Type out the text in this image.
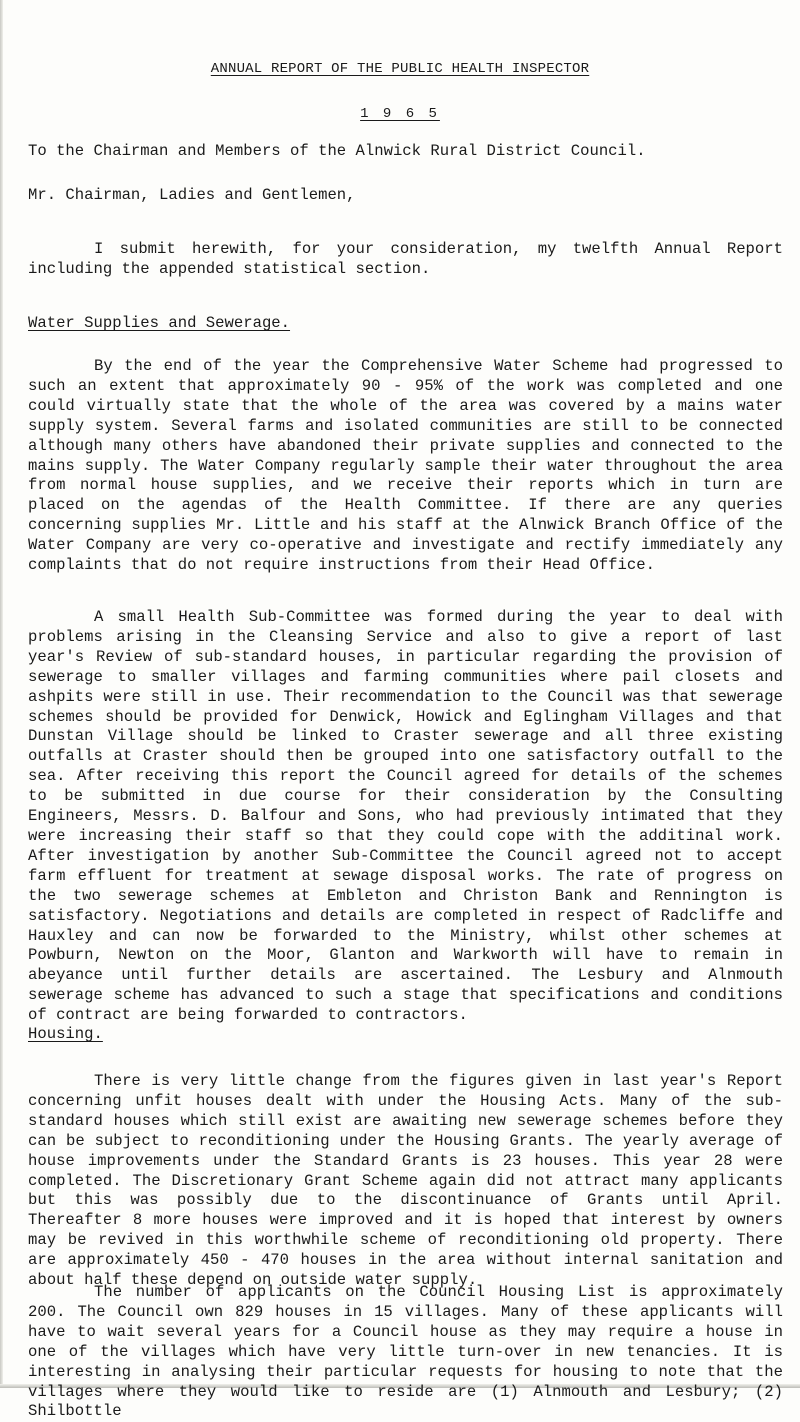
ANNUAL REPORT OF THE PUBLIC HEALTH INSPECTOR
1 9 6 5
To the Chairman and Members of the Alnwick Rural District Council.
Mr. Chairman, Ladies and Gentlemen,

I submit herewith, for your consideration, my twelfth Annual Report including the appended statistical section.

Water Supplies and Sewerage.

By the end of the year the Comprehensive Water Scheme had progressed to such an extent that approximately 90 - 95% of the work was completed and one could virtually state that the whole of the area was covered by a mains water supply system. Several farms and isolated communities are still to be connected although many others have abandoned their private supplies and connected to the mains supply. The Water Company regularly sample their water throughout the area from normal house supplies, and we receive their reports which in turn are placed on the agendas of the Health Committee. If there are any queries concerning supplies Mr. Little and his staff at the Alnwick Branch Office of the Water Company are very co-operative and investigate and rectify immediately any complaints that do not require instructions from their Head Office.

A small Health Sub-Committee was formed during the year to deal with problems arising in the Cleansing Service and also to give a report of last year's Review of sub-standard houses, in particular regarding the provision of sewerage to smaller villages and farming communities where pail closets and ashpits were still in use. Their recommendation to the Council was that sewerage schemes should be provided for Denwick, Howick and Eglingham Villages and that Dunstan Village should be linked to Craster sewerage and all three existing outfalls at Craster should then be grouped into one satisfactory outfall to the sea. After receiving this report the Council agreed for details of the schemes to be submitted in due course for their consideration by the Consulting Engineers, Messrs. D. Balfour and Sons, who had previously intimated that they were increasing their staff so that they could cope with the additinal work. After investigation by another Sub-Committee the Council agreed not to accept farm effluent for treatment at sewage disposal works. The rate of progress on the two sewerage schemes at Embleton and Christon Bank and Rennington is satisfactory. Negotiations and details are completed in respect of Radcliffe and Hauxley and can now be forwarded to the Ministry, whilst other schemes at Powburn, Newton on the Moor, Glanton and Warkworth will have to remain in abeyance until further details are ascertained. The Lesbury and Alnmouth sewerage scheme has advanced to such a stage that specifications and conditions of contract are being forwarded to contractors.

Housing.

There is very little change from the figures given in last year's Report concerning unfit houses dealt with under the Housing Acts. Many of the sub-standard houses which still exist are awaiting new sewerage schemes before they can be subject to reconditioning under the Housing Grants. The yearly average of house improvements under the Standard Grants is 23 houses. This year 28 were completed. The Discretionary Grant Scheme again did not attract many applicants but this was possibly due to the discontinuance of Grants until April. Thereafter 8 more houses were improved and it is hoped that interest by owners may be revived in this worthwhile scheme of reconditioning old property. There are approximately 450 - 470 houses in the area without internal sanitation and about half these depend on outside water supply.

The number of applicants on the Council Housing List is approximately 200. The Council own 829 houses in 15 villages. Many of these applicants will have to wait several years for a Council house as they may require a house in one of the villages which have very little turn-over in new tenancies. It is interesting in analysing their particular requests for housing to note that the villages where they would like to reside are (1) Alnmouth and Lesbury; (2) Shilbottle
